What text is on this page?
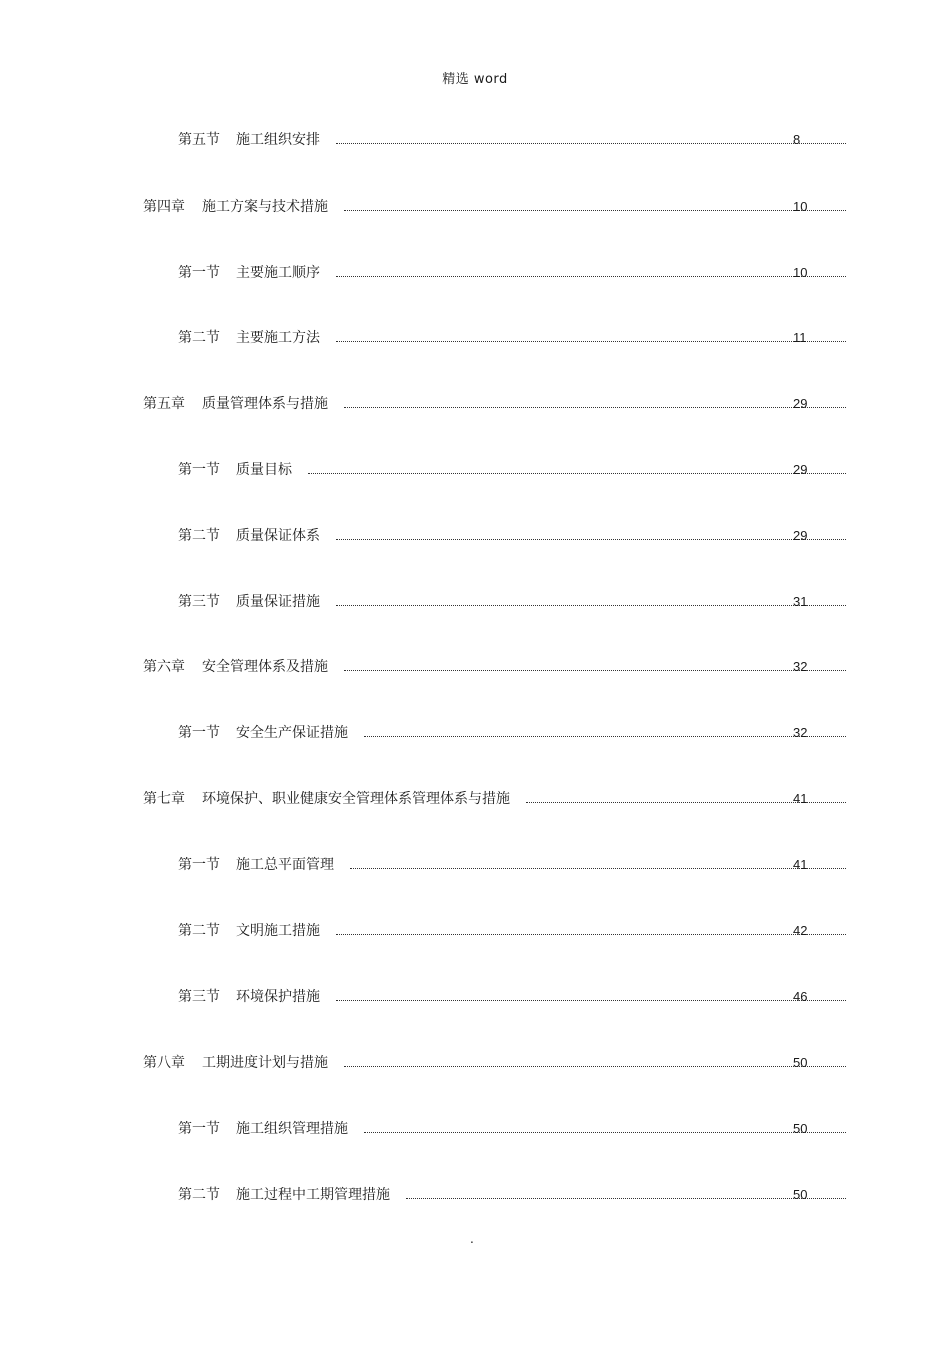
精选 word
第五节 施工组织安排	8
第四章 施工方案与技术措施	10
第一节 主要施工顺序	10
第二节 主要施工方法	11
第五章 质量管理体系与措施	29
第一节 质量目标	29
第二节 质量保证体系	29
第三节 质量保证措施	31
第六章 安全管理体系及措施	32
第一节 安全生产保证措施	32
第七章 环境保护、职业健康安全管理体系管理体系与措施	41
第一节 施工总平面管理	41
第二节 文明施工措施	42
第三节 环境保护措施	46
第八章 工期进度计划与措施	50
第一节 施工组织管理措施	50
第二节 施工过程中工期管理措施	50
.
